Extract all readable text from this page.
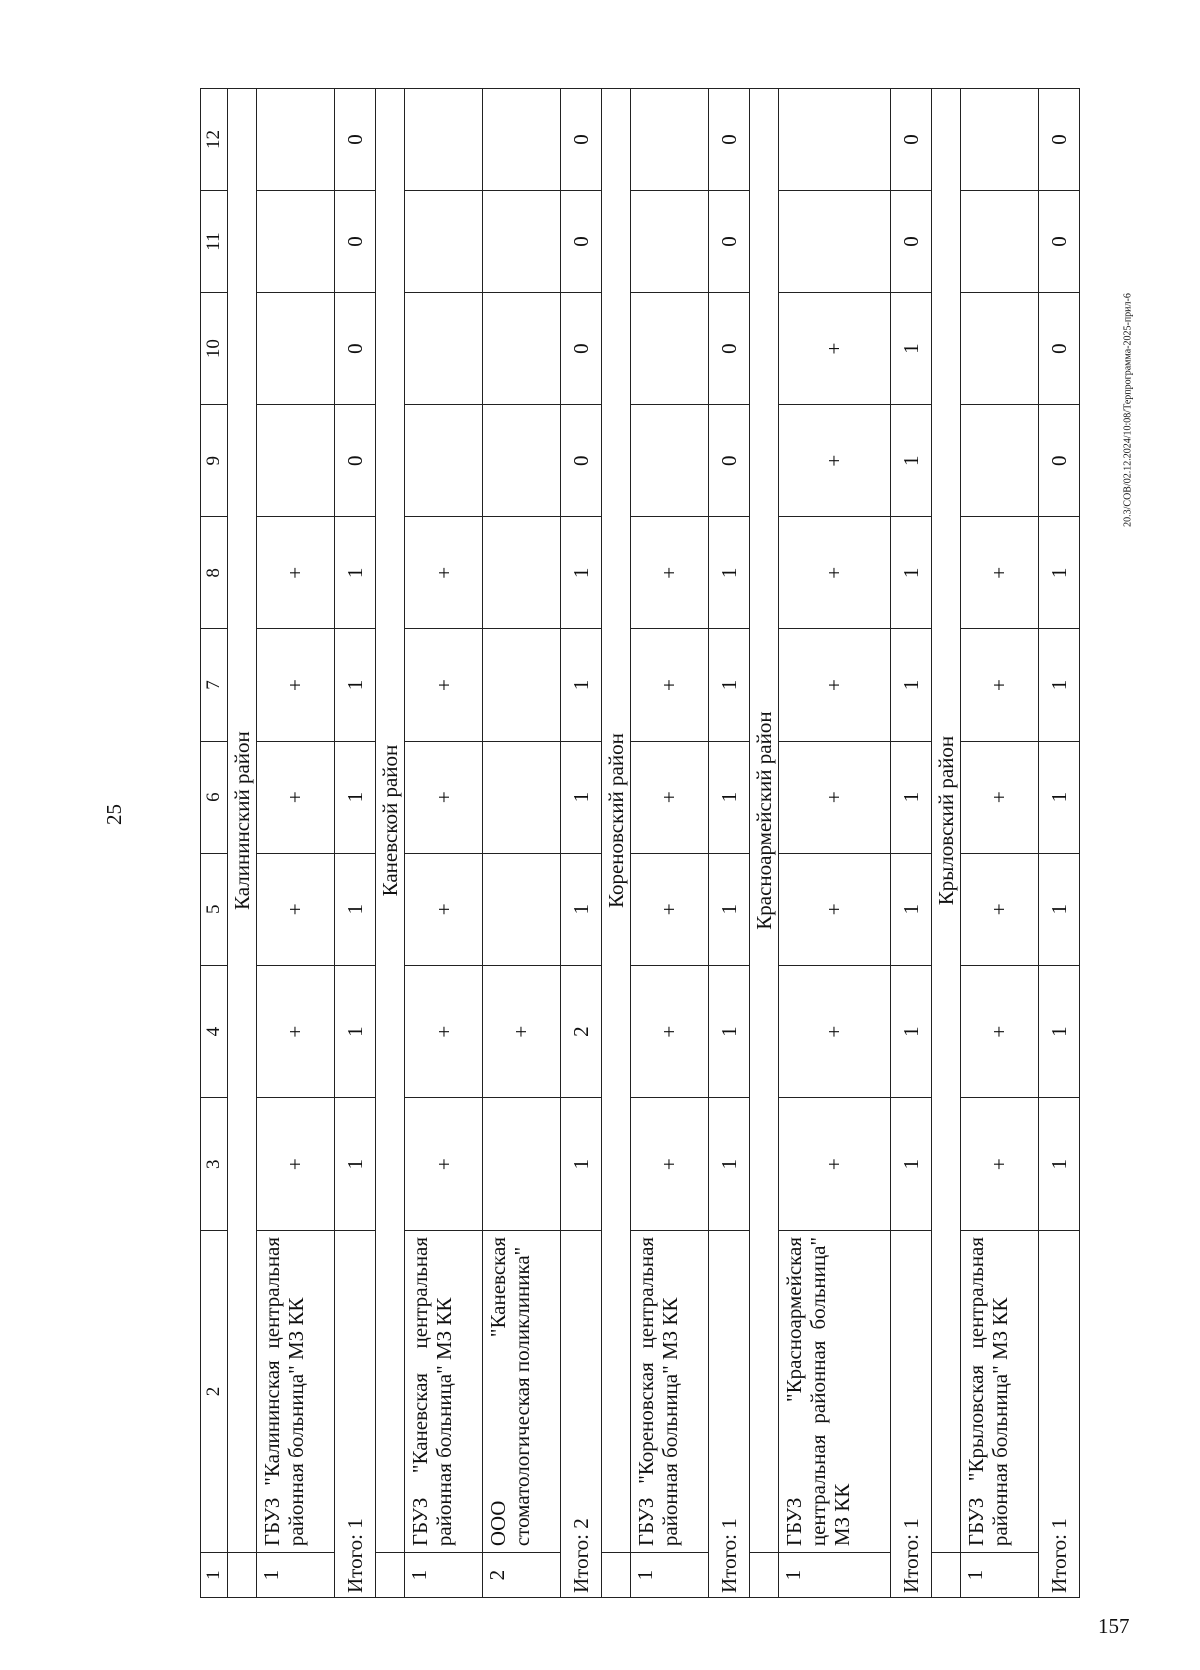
25
1	2	3	4	5	6	7	8	9	10	11	12
	Калининский район										
1	ГБУЗ "Калининская центральная районная больница" МЗ КК	+	+	+	+	+	+				
Итого: 1		1	1	1	1	1	1	0	0	0	0
	Каневской район										
1	ГБУЗ "Каневская центральная районная больница" МЗ КК	+	+	+	+	+	+				
2	ООО "Каневская стоматологическая поликлиника"		+								
Итого: 2		1	2	1	1	1	1	0	0	0	0
	Кореновский район										
1	ГБУЗ "Кореновская центральная районная больница" МЗ КК	+	+	+	+	+	+				
Итого: 1		1	1	1	1	1	1	0	0	0	0
	Красноармейский район										
1	ГБУЗ "Красноармейская центральная районная больница" МЗ КК	+	+	+	+	+	+	+	+		
Итого: 1		1	1	1	1	1	1	1	1	0	0
	Крыловский район										
1	ГБУЗ "Крыловская центральная районная больница" МЗ КК	+	+	+	+	+	+				
Итого: 1		1	1	1	1	1	1	0	0	0	0
157
20.3/СОВ/02.12.2024/10:08/Терпрограмма-2025-прил-6
